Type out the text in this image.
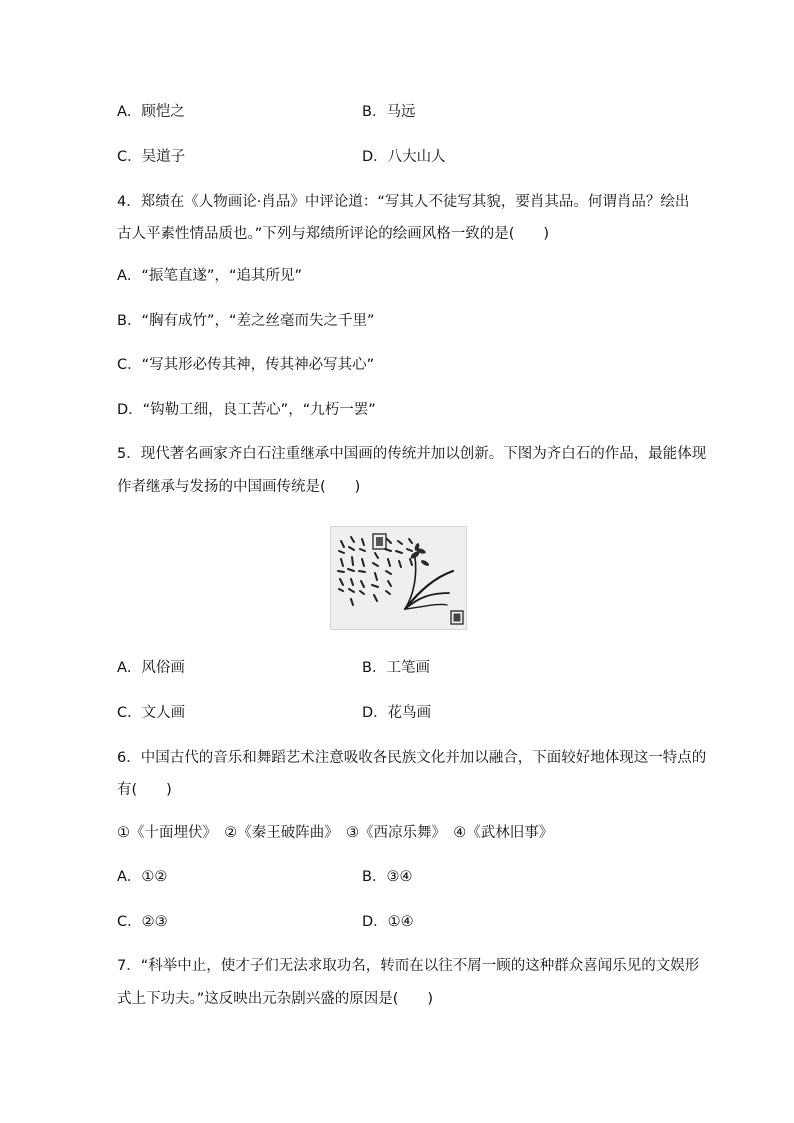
A．顾恺之	B．马远
C．吴道子	D．八大山人
4．郑绩在《人物画论·肖品》中评论道：“写其人不徒写其貌，要肖其品。何谓肖品？绘出
古人平素性情品质也。”下列与郑绩所评论的绘画风格一致的是(　　)
A．“振笔直遂”，“追其所见”
B．“胸有成竹”，“差之丝毫而失之千里”
C．“写其形必传其神，传其神必写其心”
D．“钩勒工细，良工苦心”，“九朽一罢”
5．现代著名画家齐白石注重继承中国画的传统并加以创新。下图为齐白石的作品，最能体现
作者继承与发扬的中国画传统是(　　)
A．风俗画	B．工笔画
C．文人画	D．花鸟画
6．中国古代的音乐和舞蹈艺术注意吸收各民族文化并加以融合，下面较好地体现这一特点的
有(　　)
①《十面埋伏》　②《秦王破阵曲》　③《西凉乐舞》　④《武林旧事》
A．①②	B．③④
C．②③	D．①④
7．“科举中止，使才子们无法求取功名，转而在以往不屑一顾的这种群众喜闻乐见的文娱形
式上下功夫。”这反映出元杂剧兴盛的原因是(　　)
